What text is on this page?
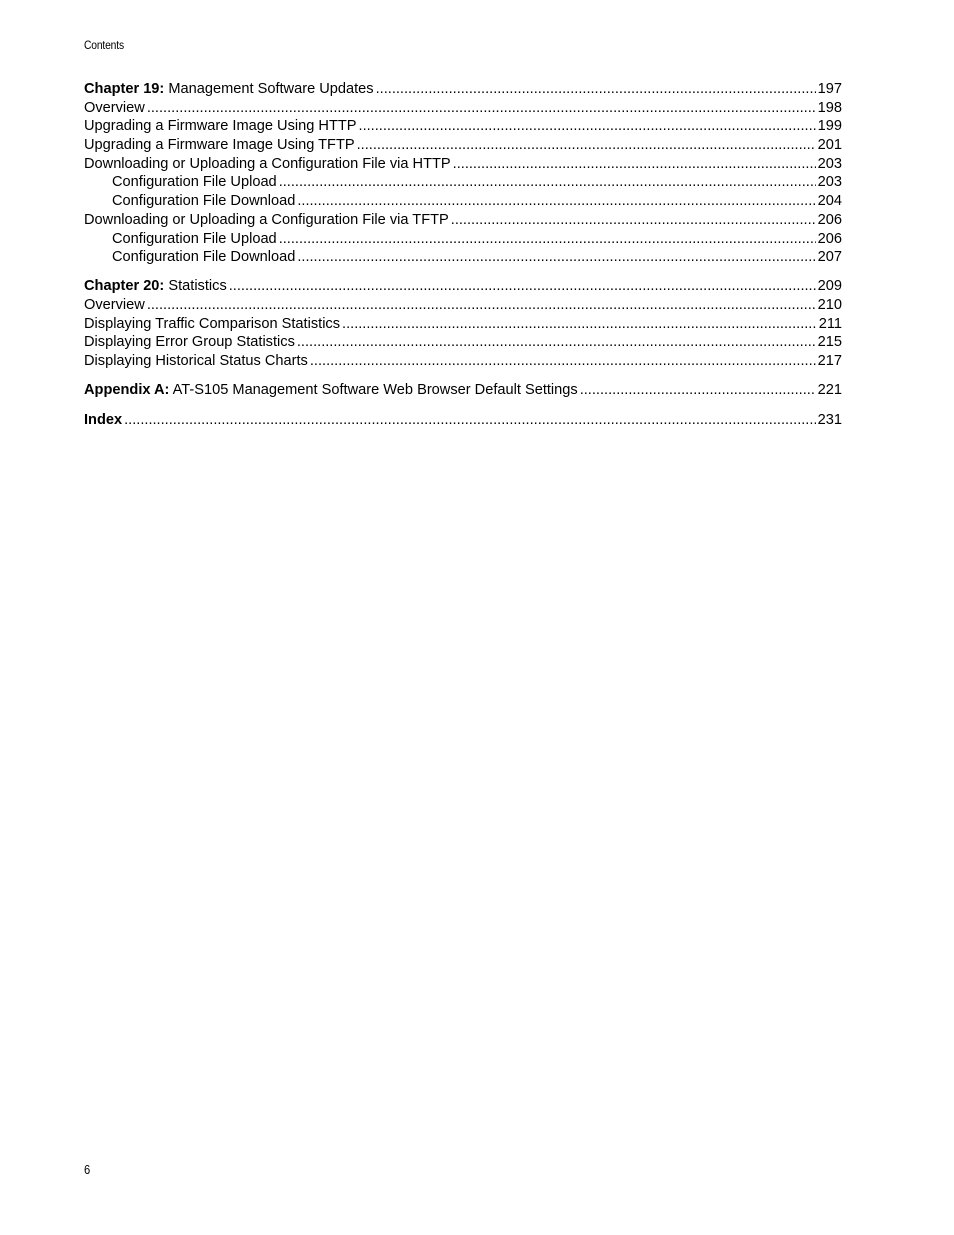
Contents
Chapter 19: Management Software Updates .....	197
Overview .....	198
Upgrading a Firmware Image Using HTTP .....	199
Upgrading a Firmware Image Using TFTP .....	201
Downloading or Uploading a Configuration File via HTTP .....	203
Configuration File Upload .....	203
Configuration File Download .....	204
Downloading or Uploading a Configuration File via TFTP .....	206
Configuration File Upload .....	206
Configuration File Download .....	207
Chapter 20: Statistics .....	209
Overview .....	210
Displaying Traffic Comparison Statistics .....	211
Displaying Error Group Statistics .....	215
Displaying Historical Status Charts .....	217
Appendix A: AT-S105 Management Software Web Browser Default Settings .....	221
Index .....	231
6
